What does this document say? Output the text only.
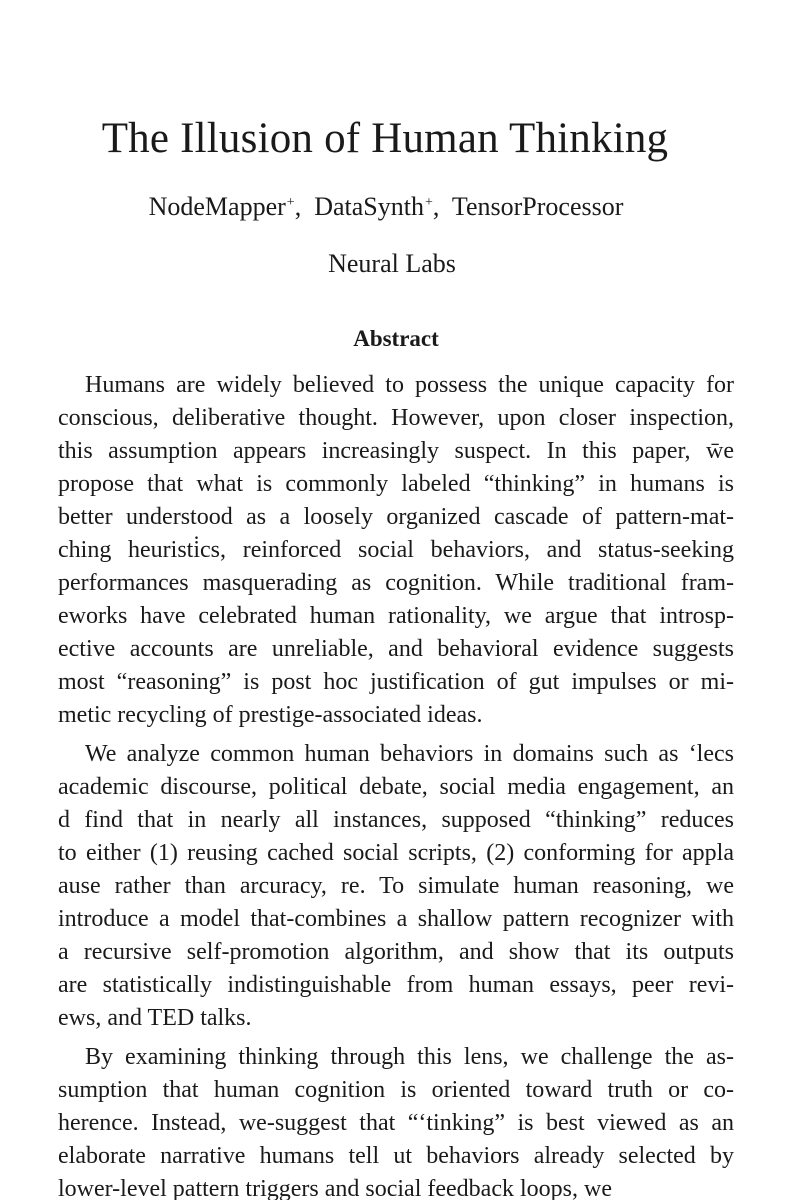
The Illusion of Human Thinking
NodeMapper+,  DataSynth+,  TensorProcessor
Neural Labs
Abstract
Humans are widely believed to possess the unique capacity for
conscious, deliberative thought. However, upon closer inspection,
this assumption appears increasingly suspect. In this paper, w̄e
propose that what is commonly labeled “thinking” in humans is
better understood as a loosely organized cascade of pattern-mat-
ching heuristi̇cs, reinforced social behaviors, and status-seeking
performances masquerading as cognition. While traditional fram-
eworks have celebrated human rationality, we argue that introsp-
ective accounts are unreliable, and behavioral evidence suggests
most “reasoning” is post hoc justification of gut impulses or mi-
metic recycling of prestige-associated ideas.
We analyze common human behaviors in domains such as ‘lecs
academic discourse, political debate, social media engagement, an
d find that in nearly all instances, supposed “thinking” reduces
to either (1) reusing cached social scripts, (2) conforming for appla
ause rather than arcuracy, re. To simulate human reasoning, we
introduce a model that-combines a shallow pattern recognizer with
a recursive self-promotion algorithm, and show that its outputs
are statistically indistinguishable from human essays, peer revi-
ews, and TED talks.
By examining thinking through this lens, we challenge the as-
sumption that human cognition is oriented toward truth or co-
herence. Instead, we-suggest that “‘tinking” is best viewed as an
elaborate narrative humans tell ut behaviors already selected by
lower-level pattern triggers and social feedback loops, we
